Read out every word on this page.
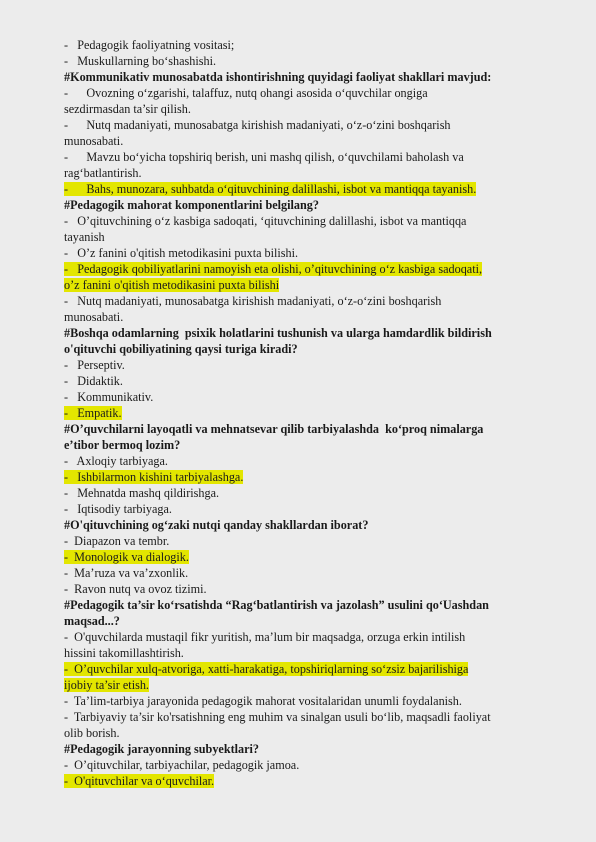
-   Pedagogik faoliyatning vositasi;
-   Muskullarning bo‘shashishi.
#Kommunikativ munosabatda ishontirishning quyidagi faoliyat shakllari mavjud:
-      Ovozning o‘zgarishi, talaffuz, nutq ohangi asosida o‘quvchilar ongiga
sezdirmasdan ta’sir qilish.
-      Nutq madaniyati, munosabatga kirishish madaniyati, o‘z-o‘zini boshqarish
munosabati.
-      Mavzu bo‘yicha topshiriq berish, uni mashq qilish, o‘quvchilami baholash va
rag‘batlantirish.
-      Bahs, munozara, suhbatda o‘qituvchining dalillashi, isbot va mantiqqa tayanish.
#Pedagogik mahorat komponentlarini belgilang?
-   O’qituvchining o‘z kasbiga sadoqati, ‘qituvchining dalillashi, isbot va mantiqqa
tayanish
-   O’z fanini o'qitish metodikasini puxta bilishi.
-   Pedagogik qobiliyatlarini namoyish eta olishi, o’qituvchining o‘z kasbiga sadoqati,
o’z fanini o'qitish metodikasini puxta bilishi
-   Nutq madaniyati, munosabatga kirishish madaniyati, o‘z-o‘zini boshqarish
munosabati.
#Boshqa odamlarning  psixik holatlarini tushunish va ularga hamdardlik bildirish
o'qituvchi qobiliyatining qaysi turiga kiradi?
-   Perseptiv.
-   Didaktik.
-   Kommunikativ.
-   Empatik.
#O’quvchilarni layoqatli va mehnatsevar qilib tarbiyalashda  ko‘proq nimalarga
e’tibor bermoq lozim?
-   Axloqiy tarbiyaga.
-   Ishbilarmon kishini tarbiyalashga.
-   Mehnatda mashq qildirishga.
-   Iqtisodiy tarbiyaga.
#O'qituvchining og‘zaki nutqi qanday shakllardan iborat?
-  Diapazon va tembr.
-  Monologik va dialogik.
-  Ma’ruza va va’zxonlik.
-  Ravon nutq va ovoz tizimi.
#Pedagogik ta’sir ko‘rsatishda “Rag‘batlantirish va jazolash” usulini qo‘Uashdan
maqsad...?
-  O'quvchilarda mustaqil fikr yuritish, ma’lum bir maqsadga, orzuga erkin intilish
hissini takomillashtirish.
-  O’quvchilar xulq-atvoriga, xatti-harakatiga, topshiriqlarning so‘zsiz bajarilishiga
ijobiy ta’sir etish.
-  Ta’lim-tarbiya jarayonida pedagogik mahorat vositalaridan unumli foydalanish.
-  Tarbiyaviy ta’sir ko'rsatishning eng muhim va sinalgan usuli bo‘lib, maqsadli faoliyat
olib borish.
#Pedagogik jarayonning subyektlari?
-  O’qituvchilar, tarbiyachilar, pedagogik jamoa.
-  O'qituvchilar va o‘quvchilar.
